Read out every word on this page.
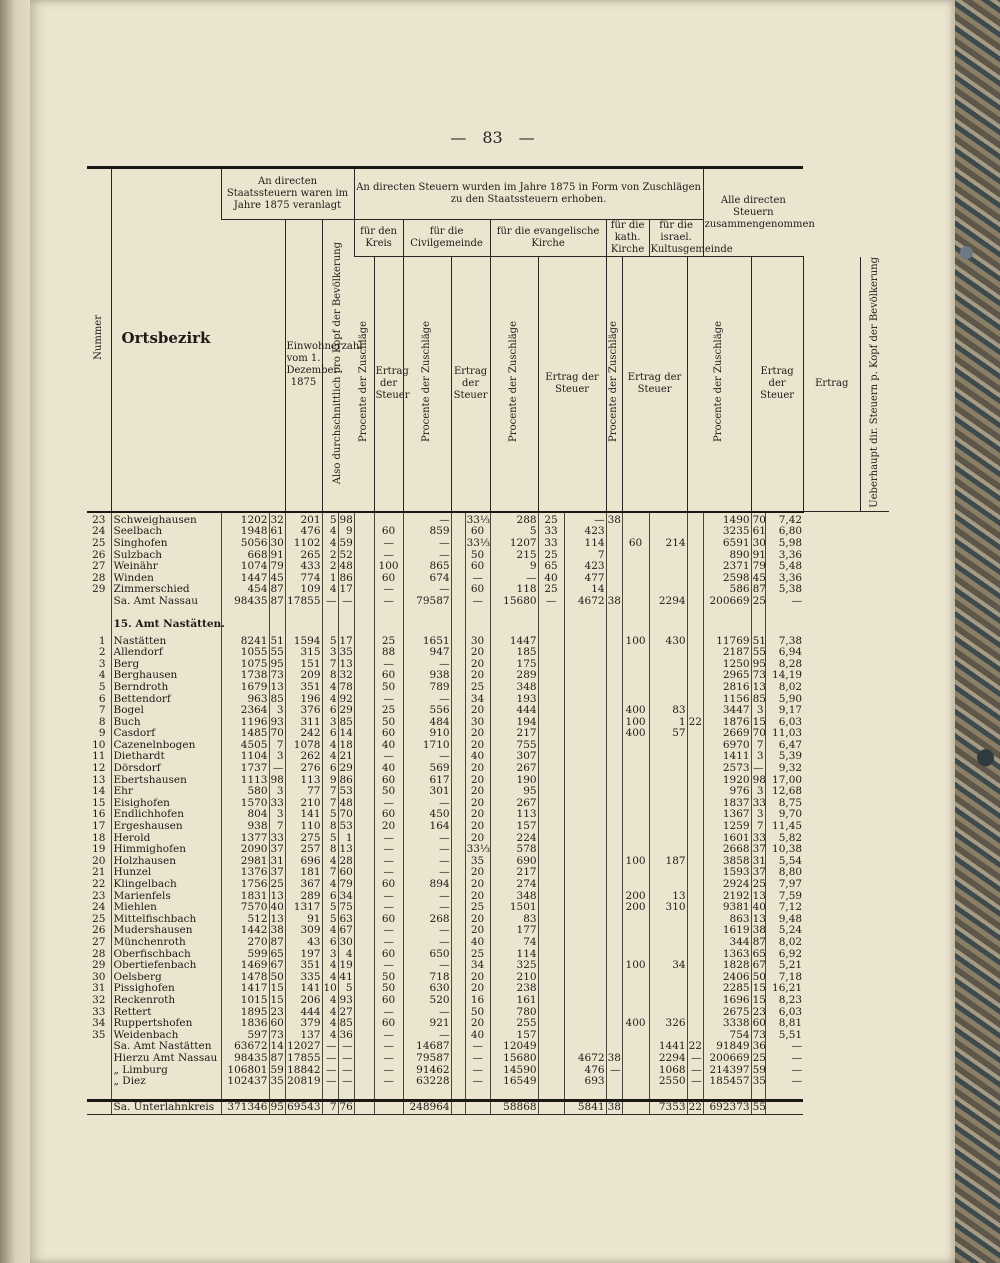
— 83 —
Nummer	Ortsbezirk	An directen Staatssteuern waren im Jahre 1875 veranlagt					An directen Steuern wurden im Jahre 1875 in Form von Zuschlägen zu den Staatssteuern erhoben.												Alle directen Steuern zusammengenommen				
				Einwohnerzahl vom 1. Dezember 1875	Also durchschnittlich pro Kopf der Bevölkerung		für den Kreis		für die Civilgemeinde			für die evangelische Kirche			für die kath. Kirche		für die israel. Kultusgemeinde						
							Procente der Zuschläge	Ertrag der Steuer	Procente der Zuschläge	Ertrag der Steuer		Procente der Zuschläge	Ertrag der Steuer		Procente der Zuschläge	Ertrag der Steuer		Procente der Zuschläge		Ertrag der Steuer		Ertrag	Ueberhaupt dir. Steuern p. Kopf der Bevölkerung
23	Schweighausen	1202	32	201	5	98			—		33⅓	288	25	—	38				1490	70	7,42		
24	Seelbach	1948	61	476	4	9		60	859		60	5	33	423					3235	61	6,80		
25	Singhofen	5056	30	1102	4	59		—	—		33⅓	1207	33	114		60	214		6591	30	5,98		
26	Sulzbach	668	91	265	2	52		—	—		50	215	25	7					890	91	3,36		
27	Weinähr	1074	79	433	2	48		100	865		60	9	65	423					2371	79	5,48		
28	Winden	1447	45	774	1	86		60	674		—	—	40	477					2598	45	3,36		
29	Zimmerschied	454	87	109	4	17		—	—		60	118	25	14					586	87	5,38		
	Sa. Amt Nassau	98435	87	17855	—	—		—	79587		—	15680	—	4672	38		2294		200669	25	—		
	15. Amt Nastätten.																						
1	Nastätten	8241	51	1594	5	17		25	1651		30	1447				100	430		11769	51	7,38		
2	Allendorf	1055	55	315	3	35		88	947		20	185							2187	55	6,94		
3	Berg	1075	95	151	7	13		—	—		20	175							1250	95	8,28		
4	Berghausen	1738	73	209	8	32		60	938		20	289							2965	73	14,19		
5	Berndroth	1679	13	351	4	78		50	789		25	348							2816	13	8,02		
6	Bettendorf	963	85	196	4	92		—	—		34	193							1156	85	5,90		
7	Bogel	2364	3	376	6	29		25	556		20	444				400	83		3447	3	9,17		
8	Buch	1196	93	311	3	85		50	484		30	194				100	1	22	1876	15	6,03		
9	Casdorf	1485	70	242	6	14		60	910		20	217				400	57		2669	70	11,03		
10	Cazenelnbogen	4505	7	1078	4	18		40	1710		20	755							6970	7	6,47		
11	Diethardt	1104	3	262	4	21		—	—		40	307							1411	3	5,39		
12	Dörsdorf	1737	—	276	6	29		40	569		20	267							2573	—	9,32		
13	Ebertshausen	1113	98	113	9	86		60	617		20	190							1920	98	17,00		
14	Ehr	580	3	77	7	53		50	301		20	95							976	3	12,68		
15	Eisighofen	1570	33	210	7	48		—	—		20	267							1837	33	8,75		
16	Endlichhofen	804	3	141	5	70		60	450		20	113							1367	3	9,70		
17	Ergeshausen	938	7	110	8	53		20	164		20	157							1259	7	11,45		
18	Herold	1377	33	275	5	1		—	—		20	224							1601	33	5,82		
19	Himmighofen	2090	37	257	8	13		—	—		33⅓	578							2668	37	10,38		
20	Holzhausen	2981	31	696	4	28		—	—		35	690				100	187		3858	31	5,54		
21	Hunzel	1376	37	181	7	60		—	—		20	217							1593	37	8,80		
22	Klingelbach	1756	25	367	4	79		60	894		20	274							2924	25	7,97		
23	Marienfels	1831	13	289	6	34		—	—		20	348				200	13		2192	13	7,59		
24	Miehlen	7570	40	1317	5	75		—	—		25	1501				200	310		9381	40	7,12		
25	Mittelfischbach	512	13	91	5	63		60	268		20	83							863	13	9,48		
26	Mudershausen	1442	38	309	4	67		—	—		20	177							1619	38	5,24		
27	Münchenroth	270	87	43	6	30		—	—		40	74							344	87	8,02		
28	Oberfischbach	599	65	197	3	4		60	650		25	114							1363	65	6,92		
29	Obertiefenbach	1469	67	351	4	19		—	—		34	325				100	34		1828	67	5,21		
30	Oelsberg	1478	50	335	4	41		50	718		20	210							2406	50	7,18		
31	Pissighofen	1417	15	141	10	5		50	630		20	238							2285	15	16,21		
32	Reckenroth	1015	15	206	4	93		60	520		16	161							1696	15	8,23		
33	Rettert	1895	23	444	4	27		—	—		50	780							2675	23	6,03		
34	Ruppertshofen	1836	60	379	4	85		60	921		20	255				400	326		3338	60	8,81		
35	Weidenbach	597	73	137	4	36		—	—		40	157							754	73	5,51		
	Sa. Amt Nastätten	63672	14	12027	—	—		—	14687		—	12049					1441	22	91849	36	—		
	Hierzu Amt Nassau	98435	87	17855	—	—		—	79587		—	15680		4672	38		2294	—	200669	25	—		
	„ Limburg	106801	59	18842	—	—		—	91462		—	14590		476	—		1068	—	214397	59	—		
	„ Diez	102437	35	20819	—	—		—	63228		—	16549		693			2550	—	185457	35	—		

	Sa. Unterlahnkreis	371346	95	69543	7	76			248964			58868		5841	38		7353	22	692373	55			
